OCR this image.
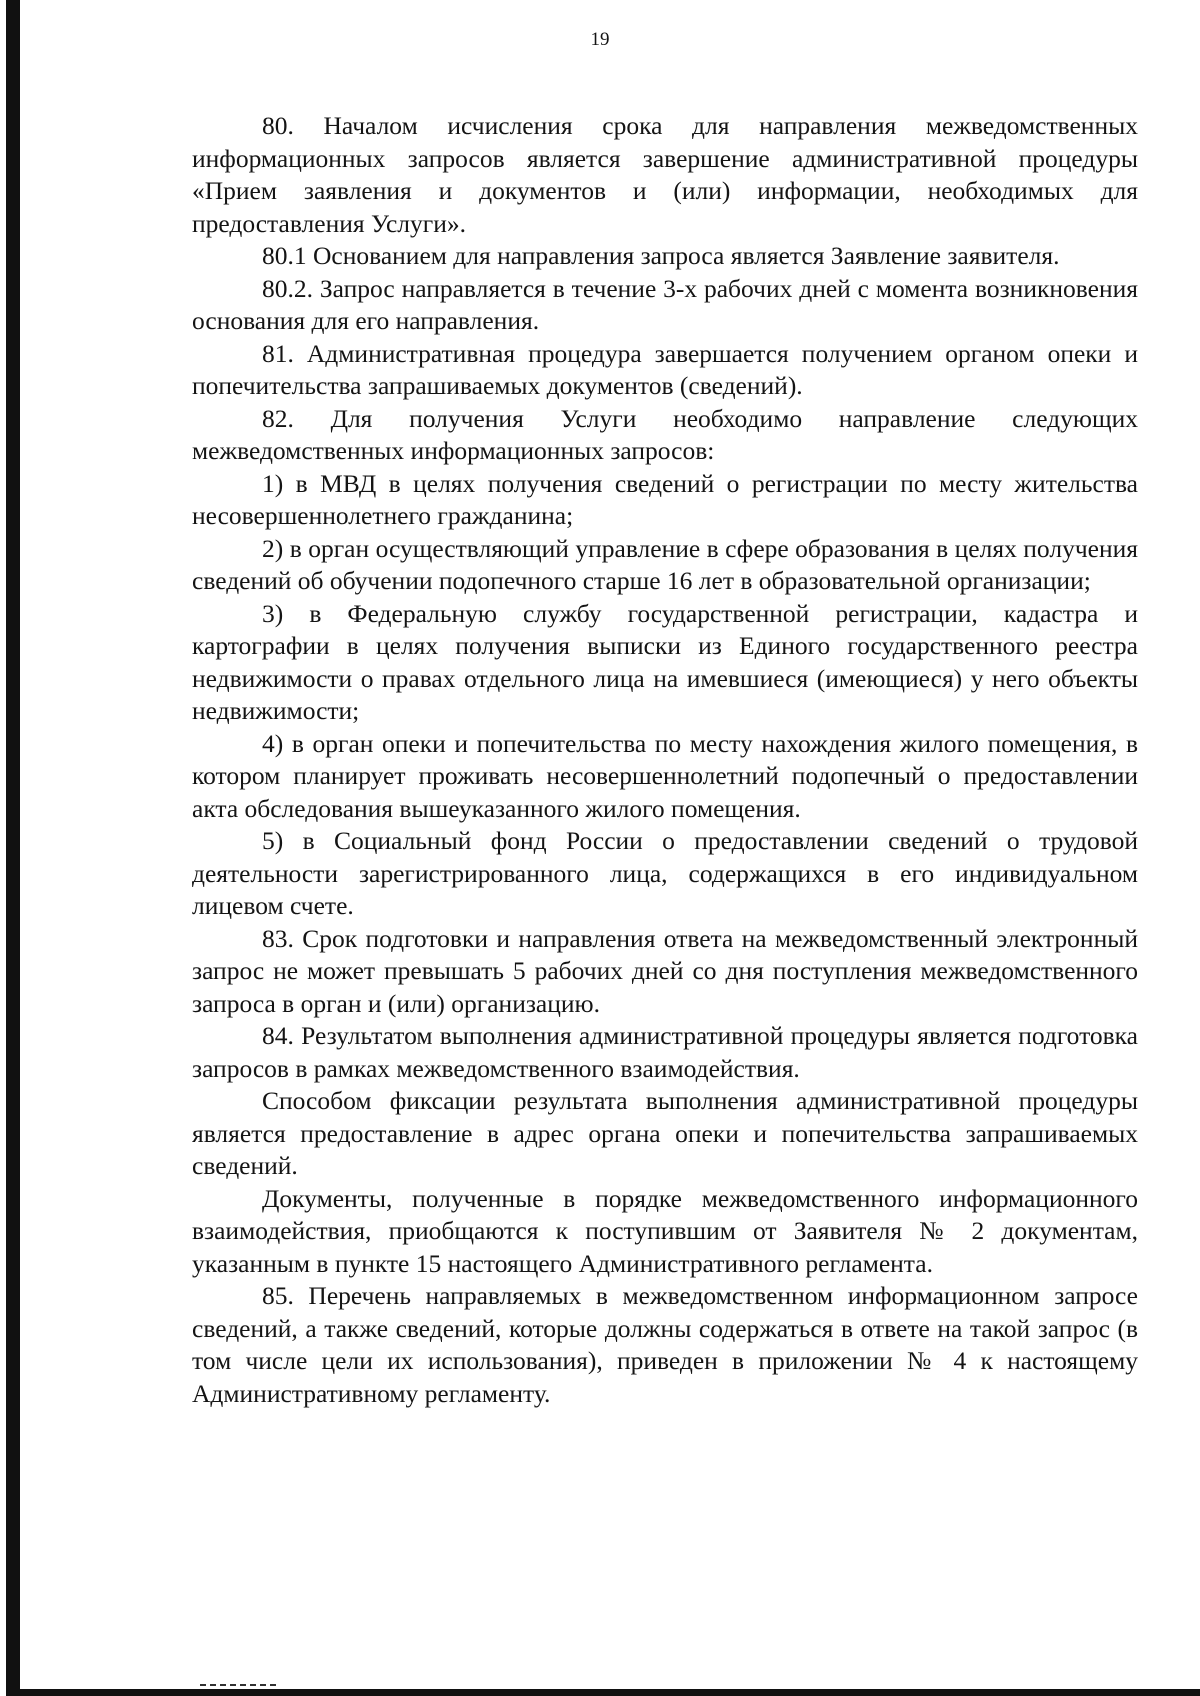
19

80. Началом исчисления срока для направления межведомственных информационных запросов является завершение административной процедуры «Прием заявления и документов и (или) информации, необходимых для предоставления Услуги».

80.1 Основанием для направления запроса является Заявление заявителя.

80.2. Запрос направляется в течение 3-х рабочих дней с момента возникновения основания для его направления.

81. Административная процедура завершается получением органом опеки и попечительства запрашиваемых документов (сведений).

82. Для получения Услуги необходимо направление следующих межведомственных информационных запросов:

1) в МВД в целях получения сведений о регистрации по месту жительства несовершеннолетнего гражданина;

2) в орган осуществляющий управление в сфере образования в целях получения сведений об обучении подопечного старше 16 лет в образовательной организации;

3) в Федеральную службу государственной регистрации, кадастра и картографии в целях получения выписки из Единого государственного реестра недвижимости о правах отдельного лица на имевшиеся (имеющиеся) у него объекты недвижимости;

4) в орган опеки и попечительства по месту нахождения жилого помещения, в котором планирует проживать несовершеннолетний подопечный о предоставлении акта обследования вышеуказанного жилого помещения.

5) в Социальный фонд России о предоставлении сведений о трудовой деятельности зарегистрированного лица, содержащихся в его индивидуальном лицевом счете.

83. Срок подготовки и направления ответа на межведомственный электронный запрос не может превышать 5 рабочих дней со дня поступления межведомственного запроса в орган и (или) организацию.

84. Результатом выполнения административной процедуры является подготовка запросов в рамках межведомственного взаимодействия.

Способом фиксации результата выполнения административной процедуры является предоставление в адрес органа опеки и попечительства запрашиваемых сведений.

Документы, полученные в порядке межведомственного информационного взаимодействия, приобщаются к поступившим от Заявителя № 2 документам, указанным в пункте 15 настоящего Административного регламента.

85. Перечень направляемых в межведомственном информационном запросе сведений, а также сведений, которые должны содержаться в ответе на такой запрос (в том числе цели их использования), приведен в приложении № 4 к настоящему Административному регламенту.
